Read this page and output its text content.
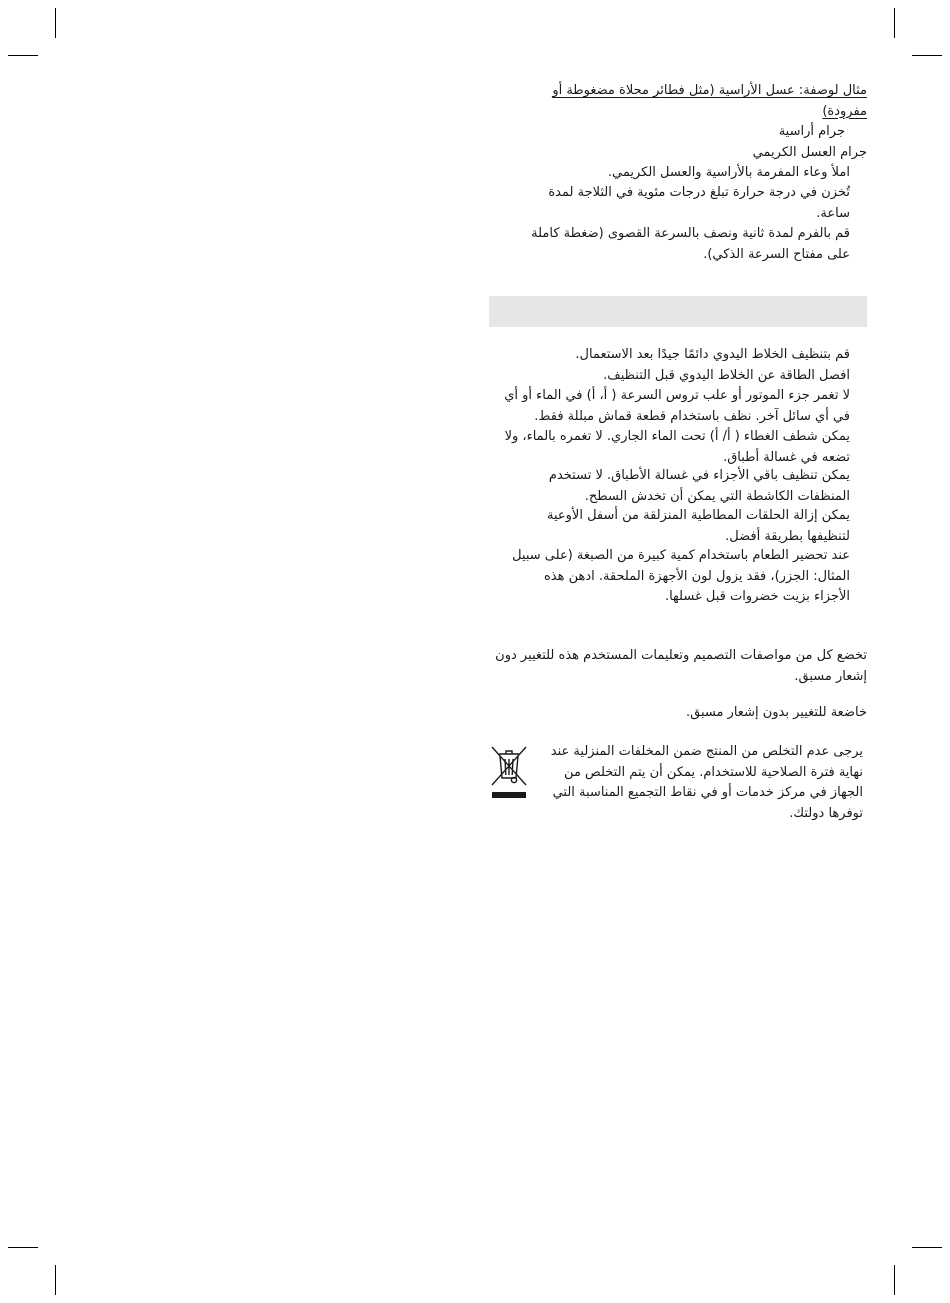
مثال لوصفة: عسل الأراسية (مثل فطائر محلاة مضغوطة أو مفرودة)
جرام أراسية
جرام العسل الكريمي
املأ وعاء المفرمة بالأراسية والعسل الكريمي.
تُخزن في درجة حرارة تبلغ درجات مئوية في الثلاجة لمدة ساعة.
قم بالفرم لمدة ثانية ونصف بالسرعة القصوى (ضغطة كاملة على مفتاح السرعة الذكي).
قم بتنظيف الخلاط اليدوي دائمًا جيدًا بعد الاستعمال.
افصل الطاقة عن الخلاط اليدوي قبل التنظيف.
لا تغمر جزء الموتور أو علب تروس السرعة ( أ، أ) في الماء أو أي في أي سائل آخر. نظف باستخدام قطعة قماش مبللة فقط.
يمكن شطف الغطاء ( أ/ أ) تحت الماء الجاري. لا تغمره بالماء، ولا تضعه في غسالة أطباق.
يمكن تنظيف باقي الأجزاء في غسالة الأطباق. لا تستخدم المنظفات الكاشطة التي يمكن أن تخدش السطح.
يمكن إزالة الحلقات المطاطية المنزلقة من أسفل الأوعية لتنظيفها بطريقة أفضل.
عند تحضير الطعام باستخدام كمية كبيرة من الصبغة (على سبيل المثال: الجزر)، فقد يزول لون الأجهزة الملحقة. ادهن هذه الأجزاء بزيت خضروات قبل غسلها.
تخضع كل من مواصفات التصميم وتعليمات المستخدم هذه للتغيير دون إشعار مسبق.
خاضعة للتغيير بدون إشعار مسبق.
يرجى عدم التخلص من المنتج ضمن المخلفات المنزلية عند نهاية فترة الصلاحية للاستخدام. يمكن أن يتم التخلص من الجهاز في مركز خدمات أو في نقاط التجميع المناسبة التي توفرها دولتك.
